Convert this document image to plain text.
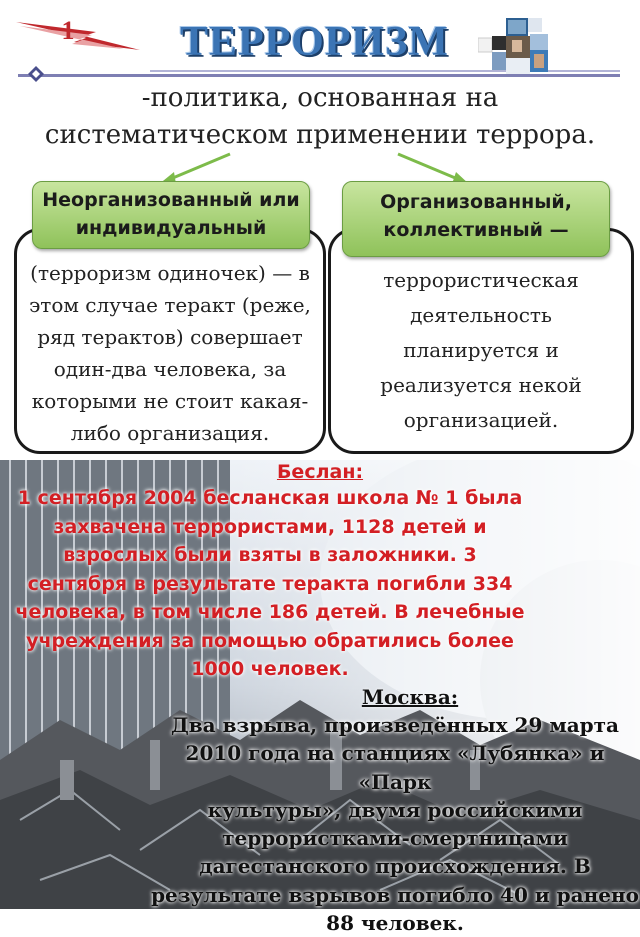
1	ТЕРРОРИЗМ
-политика, основанная на
систематическом применении террора.
(терроризм одиночек) — в
этом случае теракт (реже,
ряд терактов) совершает
один-два человека, за
которыми не стоит какая-
либо организация.
Неорганизованный или
индивидуальный
террористическая
деятельность
планируется и
реализуется некой
организацией.
Организованный,
коллективный —
Беслан:
1 сентября 2004 бесланская школа № 1 была
захвачена террористами, 1128 детей и
взрослых были взяты в заложники. 3
сентября в результате теракта погибли 334
человека, в том числе 186 детей. В лечебные
учреждения за помощью обратились более
1000 человек.
Москва:
Два взрыва, произведённых 29 марта
2010 года на станциях «Лубянка» и «Парк
культуры», двумя российскими
террористками-смертницами
дагестанского происхождения. В
результате взрывов погибло 40 и ранено
88 человек.
